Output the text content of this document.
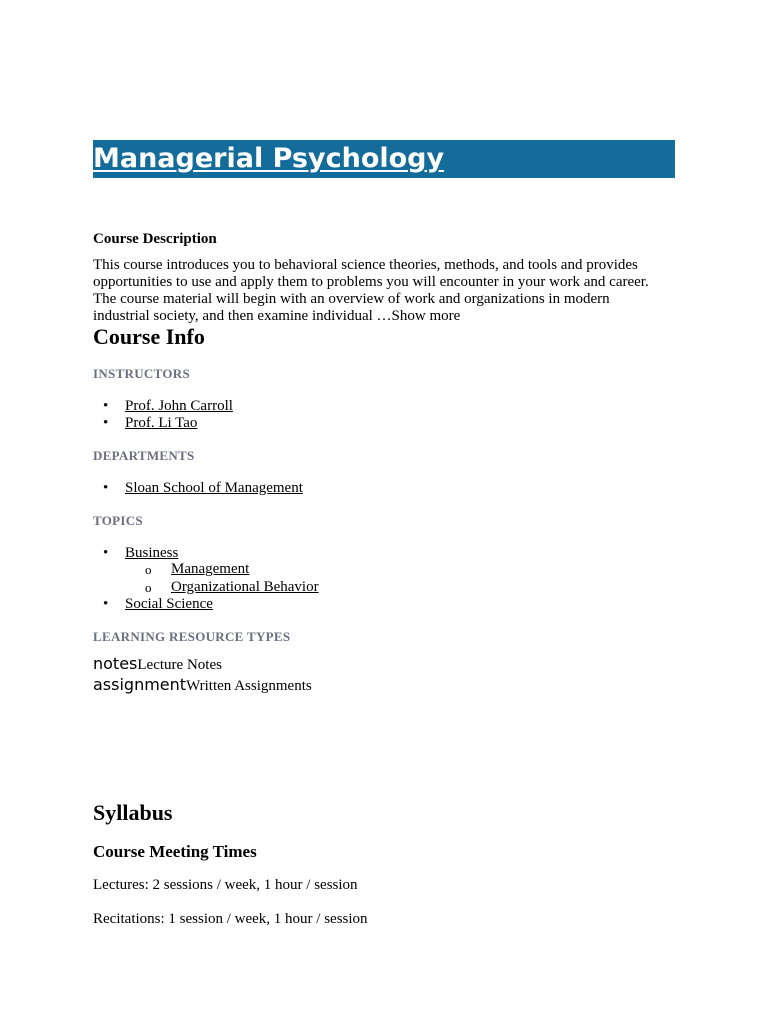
Managerial Psychology
Course Description
This course introduces you to behavioral science theories, methods, and tools and provides
opportunities to use and apply them to problems you will encounter in your work and career.
The course material will begin with an overview of work and organizations in modern
industrial society, and then examine individual …Show more
Course Info
INSTRUCTORS
• Prof. John Carroll
• Prof. Li Tao
DEPARTMENTS
• Sloan School of Management
TOPICS
• Business
o Management
o Organizational Behavior
• Social Science
LEARNING RESOURCE TYPES
notesLecture Notes
assignmentWritten Assignments
Syllabus
Course Meeting Times
Lectures: 2 sessions / week, 1 hour / session
Recitations: 1 session / week, 1 hour / session
